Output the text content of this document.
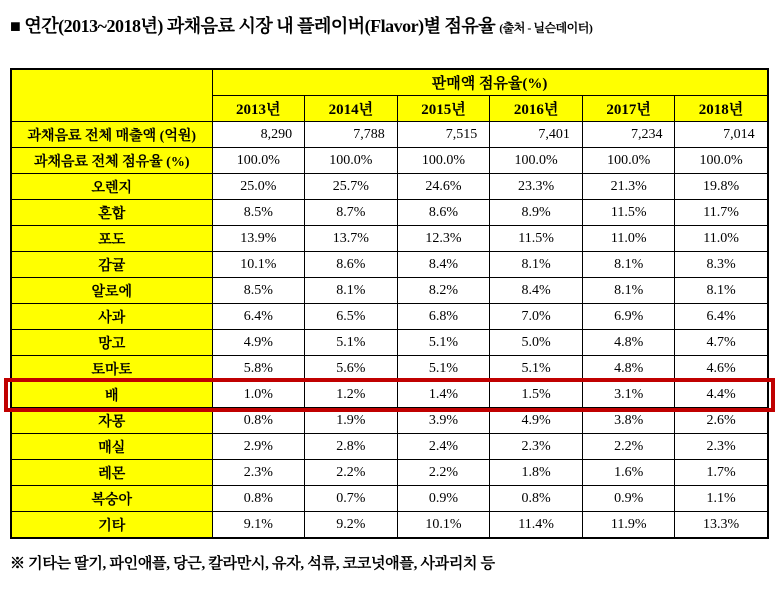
■ 연간(2013~2018년) 과채음료 시장 내 플레이버(Flavor)별 점유율 (출처 - 닐슨데이터)
	판매액 점유율(%)					
	2013년	2014년	2015년	2016년	2017년	2018년
과채음료 전체 매출액 (억원)	8,290	7,788	7,515	7,401	7,234	7,014
과채음료 전체 점유율 (%)	100.0%	100.0%	100.0%	100.0%	100.0%	100.0%
오렌지	25.0%	25.7%	24.6%	23.3%	21.3%	19.8%
혼합	8.5%	8.7%	8.6%	8.9%	11.5%	11.7%
포도	13.9%	13.7%	12.3%	11.5%	11.0%	11.0%
감귤	10.1%	8.6%	8.4%	8.1%	8.1%	8.3%
알로에	8.5%	8.1%	8.2%	8.4%	8.1%	8.1%
사과	6.4%	6.5%	6.8%	7.0%	6.9%	6.4%
망고	4.9%	5.1%	5.1%	5.0%	4.8%	4.7%
토마토	5.8%	5.6%	5.1%	5.1%	4.8%	4.6%
배	1.0%	1.2%	1.4%	1.5%	3.1%	4.4%
자몽	0.8%	1.9%	3.9%	4.9%	3.8%	2.6%
매실	2.9%	2.8%	2.4%	2.3%	2.2%	2.3%
레몬	2.3%	2.2%	2.2%	1.8%	1.6%	1.7%
복숭아	0.8%	0.7%	0.9%	0.8%	0.9%	1.1%
기타	9.1%	9.2%	10.1%	11.4%	11.9%	13.3%
※ 기타는 딸기, 파인애플, 당근, 칼라만시, 유자, 석류, 코코넛애플, 사과리치 등
